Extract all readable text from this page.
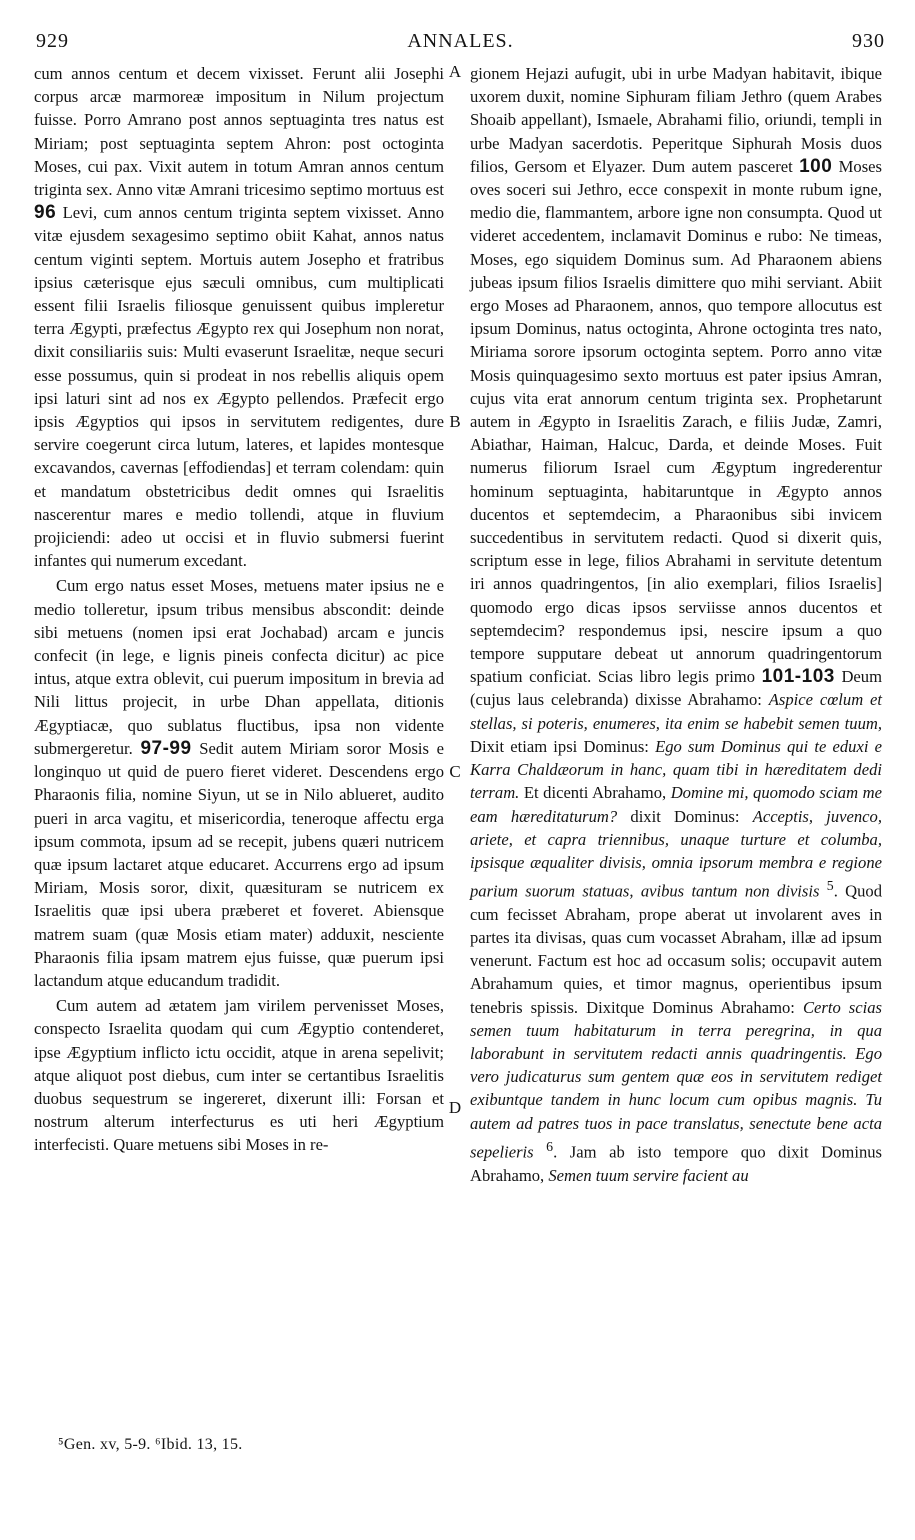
929	ANNALES.	930
A
B
C
D

cum annos centum et decem vixisset. Ferunt alii Josephi corpus arcæ marmoreæ impositum in Nilum projectum fuisse. Porro Amrano post annos septuaginta tres natus est Miriam; post septuaginta septem Ahron: post octoginta Moses, cui pax. Vixit autem in totum Amran annos centum triginta sex. Anno vitæ Amrani tricesimo septimo mortuus est 96 Levi, cum annos centum triginta septem vixisset. Anno vitæ ejusdem sexagesimo septimo obiit Kahat, annos natus centum viginti septem. Mortuis autem Josepho et fratribus ipsius cæterisque ejus sæculi omnibus, cum multiplicati essent filii Israelis filiosque genuissent quibus impleretur terra Ægypti, præfectus Ægypto rex qui Josephum non norat, dixit consiliariis suis: Multi evaserunt Israelitæ, neque securi esse possumus, quin si prodeat in nos rebellis aliquis opem ipsi laturi sint ad nos ex Ægypto pellendos. Præfecit ergo ipsis Ægyptios qui ipsos in servitutem redigentes, dure servire coegerunt circa lutum, lateres, et lapides montesque excavandos, cavernas [effodiendas] et terram colendam: quin et mandatum obstetricibus dedit omnes qui Israelitis nascerentur mares e medio tollendi, atque in fluvium projiciendi: adeo ut occisi et in fluvio submersi fuerint infantes qui numerum excedant.

Cum ergo natus esset Moses, metuens mater ipsius ne e medio tolleretur, ipsum tribus mensibus abscondit: deinde sibi metuens (nomen ipsi erat Jochabad) arcam e juncis confecit (in lege, e lignis pineis confecta dicitur) ac pice intus, atque extra oblevit, cui puerum impositum in brevia ad Nili littus projecit, in urbe Dhan appellata, ditionis Ægyptiacæ, quo sublatus fluctibus, ipsa non vidente submergeretur. 97-99 Sedit autem Miriam soror Mosis e longinquo ut quid de puero fieret videret. Descendens ergo Pharaonis filia, nomine Siyun, ut se in Nilo ablueret, audito pueri in arca vagitu, et misericordia, teneroque affectu erga ipsum commota, ipsum ad se recepit, jubens quæri nutricem quæ ipsum lactaret atque educaret. Accurrens ergo ad ipsum Miriam, Mosis soror, dixit, quæsituram se nutricem ex Israelitis quæ ipsi ubera præberet et foveret. Abiensque matrem suam (quæ Mosis etiam mater) adduxit, nesciente Pharaonis filia ipsam matrem ejus fuisse, quæ puerum ipsi lactandum atque educandum tradidit.

Cum autem ad ætatem jam virilem pervenisset Moses, conspecto Israelita quodam qui cum Ægyptio contenderet, ipse Ægyptium inflicto ictu occidit, atque in arena sepelivit; atque aliquot post diebus, cum inter se certantibus Israelitis duobus sequestrum se ingereret, dixerunt illi: Forsan et nostrum alterum interfecturus es uti heri Ægyptium interfecisti. Quare metuens sibi Moses in re-

gionem Hejazi aufugit, ubi in urbe Madyan habitavit, ibique uxorem duxit, nomine Siphuram filiam Jethro (quem Arabes Shoaib appellant), Ismaele, Abrahami filio, oriundi, templi in urbe Madyan sacerdotis. Peperitque Siphurah Mosis duos filios, Gersom et Elyazer. Dum autem pasceret 100 Moses oves soceri sui Jethro, ecce conspexit in monte rubum igne, medio die, flammantem, arbore igne non consumpta. Quod ut videret accedentem, inclamavit Dominus e rubo: Ne timeas, Moses, ego siquidem Dominus sum. Ad Pharaonem abiens jubeas ipsum filios Israelis dimittere quo mihi serviant. Abiit ergo Moses ad Pharaonem, annos, quo tempore allocutus est ipsum Dominus, natus octoginta, Ahrone octoginta tres nato, Miriama sorore ipsorum octoginta septem. Porro anno vitæ Mosis quinquagesimo sexto mortuus est pater ipsius Amran, cujus vita erat annorum centum triginta sex. Prophetarunt autem in Ægypto in Israelitis Zarach, e filiis Judæ, Zamri, Abiathar, Haiman, Halcuc, Darda, et deinde Moses. Fuit numerus filiorum Israel cum Ægyptum ingrederentur hominum septuaginta, habitaruntque in Ægypto annos ducentos et septemdecim, a Pharaonibus sibi invicem succedentibus in servitutem redacti. Quod si dixerit quis, scriptum esse in lege, filios Abrahami in servitute detentum iri annos quadringentos, [in alio exemplari, filios Israelis] quomodo ergo dicas ipsos serviisse annos ducentos et septemdecim? respondemus ipsi, nescire ipsum a quo tempore supputare debeat ut annorum quadringentorum spatium conficiat. Scias libro legis primo 101-103 Deum (cujus laus celebranda) dixisse Abrahamo: Aspice cœlum et stellas, si poteris, enumeres, ita enim se habebit semen tuum, Dixit etiam ipsi Dominus: Ego sum Dominus qui te eduxi e Karra Chaldæorum in hanc, quam tibi in hæreditatem dedi terram. Et dicenti Abrahamo, Domine mi, quomodo sciam me eam hæreditaturum? dixit Dominus: Acceptis, juvenco, ariete, et capra triennibus, unaque turture et columba, ipsisque æqualiter divisis, omnia ipsorum membra e regione parium suorum statuas, avibus tantum non divisis $^5$. Quod cum fecisset Abraham, prope aberat ut involarent aves in partes ita divisas, quas cum vocasset Abraham, illæ ad ipsum venerunt. Factum est hoc ad occasum solis; occupavit autem Abrahamum quies, et timor magnus, operientibus ipsum tenebris spissis. Dixitque Dominus Abrahamo: Certo scias semen tuum habitaturum in terra peregrina, in qua laborabunt in servitutem redacti annis quadringentis. Ego vero judicaturus sum gentem quæ eos in servitutem rediget exibuntque tandem in hunc locum cum opibus magnis. Tu autem ad patres tuos in pace translatus, senectute bene acta sepelieris $^6$. Jam ab isto tempore quo dixit Dominus Abrahamo, Semen tuum servire facient au

⁵Gen. xv, 5-9. ⁶Ibid. 13, 15.
